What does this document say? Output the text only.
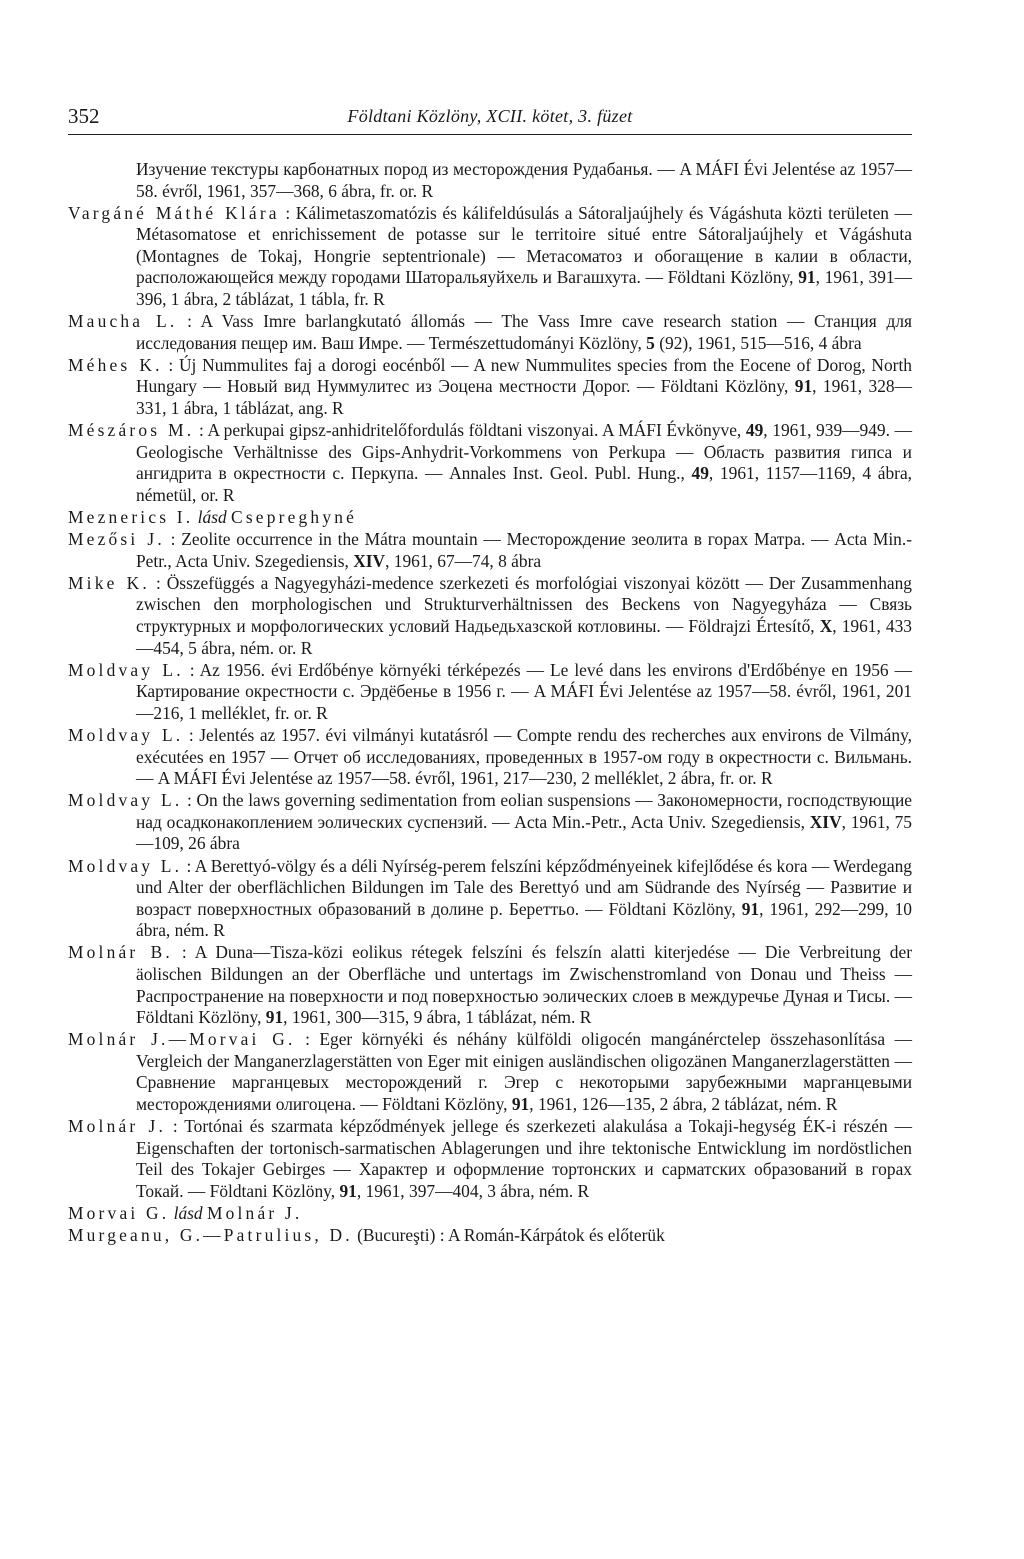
352	Földtani Közlöny, XCII. kötet, 3. füzet

Изучение текстуры карбонатных пород из месторождения Рудабанья. — A MÁFI Évi Jelentése az 1957—58. évről, 1961, 357—368, 6 ábra, fr. or. R

Vargáné Máthé Klára : Kálimetaszomatózis és kálifeldúsulás a Sátoraljaújhely és Vágáshuta közti területen — Métasomatose et enrichissement de potasse sur le territoire situé entre Sátoraljaújhely et Vágáshuta (Montagnes de Tokaj, Hongrie septentrionale) — Метасоматоз и обогащение в калии в области, расположающейся между городами Шаторальяуйхель и Вагашхута. — Földtani Közlöny, 91, 1961, 391—396, 1 ábra, 2 táblázat, 1 tábla, fr. R

Maucha L. : A Vass Imre barlangkutató állomás — The Vass Imre cave research station — Станция для исследования пещер им. Ваш Имре. — Természettudományi Közlöny, 5 (92), 1961, 515—516, 4 ábra

Méhes K. : Új Nummulites faj a dorogi eocénből — A new Nummulites species from the Eocene of Dorog, North Hungary — Новый вид Нуммулитес из Эоцена местности Дорог. — Földtani Közlöny, 91, 1961, 328—331, 1 ábra, 1 táblázat, ang. R

Mészáros M. : A perkupai gipsz-anhidritelőfordulás földtani viszonyai. A MÁFI Évkönyve, 49, 1961, 939—949. — Geologische Verhältnisse des Gips-Anhydrit-Vorkommens von Perkupa — Область развития гипса и ангидрита в окрестности с. Перкупа. — Annales Inst. Geol. Publ. Hung., 49, 1961, 1157—1169, 4 ábra, németül, or. R

Meznerics I. lásd Csepreghyné

Mezősi J. : Zeolite occurrence in the Mátra mountain — Месторождение зеолита в горах Матра. — Acta Min.-Petr., Acta Univ. Szegediensis, XIV, 1961, 67—74, 8 ábra

Mike K. : Összefüggés a Nagyegyházi-medence szerkezeti és morfológiai viszonyai között — Der Zusammenhang zwischen den morphologischen und Strukturverhältnissen des Beckens von Nagyegyháza — Связь структурных и морфологических условий Надьедьхазской котловины. — Földrajzi Értesítő, X, 1961, 433—454, 5 ábra, ném. or. R

Moldvay L. : Az 1956. évi Erdőbénye környéki térképezés — Le levé dans les environs d'Erdőbénye en 1956 — Картирование окрестности с. Эрдёбенье в 1956 г. — A MÁFI Évi Jelentése az 1957—58. évről, 1961, 201—216, 1 melléklet, fr. or. R

Moldvay L. : Jelentés az 1957. évi vilmányi kutatásról — Compte rendu des recherches aux environs de Vilmány, exécutées en 1957 — Отчет об исследованиях, проведенных в 1957-ом году в окрестности с. Вильмань. — A MÁFI Évi Jelentése az 1957—58. évről, 1961, 217—230, 2 melléklet, 2 ábra, fr. or. R

Moldvay L. : On the laws governing sedimentation from eolian suspensions — Закономерности, господствующие над осадконакоплением эолических суспензий. — Acta Min.-Petr., Acta Univ. Szegediensis, XIV, 1961, 75—109, 26 ábra

Moldvay L. : A Berettyó-völgy és a déli Nyírség-perem felszíni képződményeinek kifejlődése és kora — Werdegang und Alter der oberflächlichen Bildungen im Tale des Berettyó und am Südrande des Nyírség — Развитие и возраст поверхностных образований в долине р. Береттьо. — Földtani Közlöny, 91, 1961, 292—299, 10 ábra, ném. R

Molnár B. : A Duna—Tisza-közi eolikus rétegek felszíni és felszín alatti kiterjedése — Die Verbreitung der äolischen Bildungen an der Oberfläche und untertags im Zwischenstromland von Donau und Theiss — Распространение на поверхности и под поверхностью эолических слоев в междуречье Дуная и Тисы. — Földtani Közlöny, 91, 1961, 300—315, 9 ábra, 1 táblázat, ném. R

Molnár J.—Morvai G. : Eger környéki és néhány külföldi oligocén mangánérctelep összehasonlítása — Vergleich der Manganerzlagerstätten von Eger mit einigen ausländischen oligozänen Manganerzlagerstätten — Сравнение марганцевых месторождений г. Эгер с некоторыми зарубежными марганцевыми месторождениями олигоцена. — Földtani Közlöny, 91, 1961, 126—135, 2 ábra, 2 táblázat, ném. R

Molnár J. : Tortónai és szarmata képződmények jellege és szerkezeti alakulása a Tokaji-hegység ÉK-i részén — Eigenschaften der tortonisch-sarmatischen Ablagerungen und ihre tektonische Entwicklung im nordöstlichen Teil des Tokajer Gebirges — Характер и оформление тортонских и сарматских образований в горах Токай. — Földtani Közlöny, 91, 1961, 397—404, 3 ábra, ném. R

Morvai G. lásd Molnár J.

Murgeanu, G.—Patrulius, D. (Bucureşti) : A Román-Kárpátok és előterük
